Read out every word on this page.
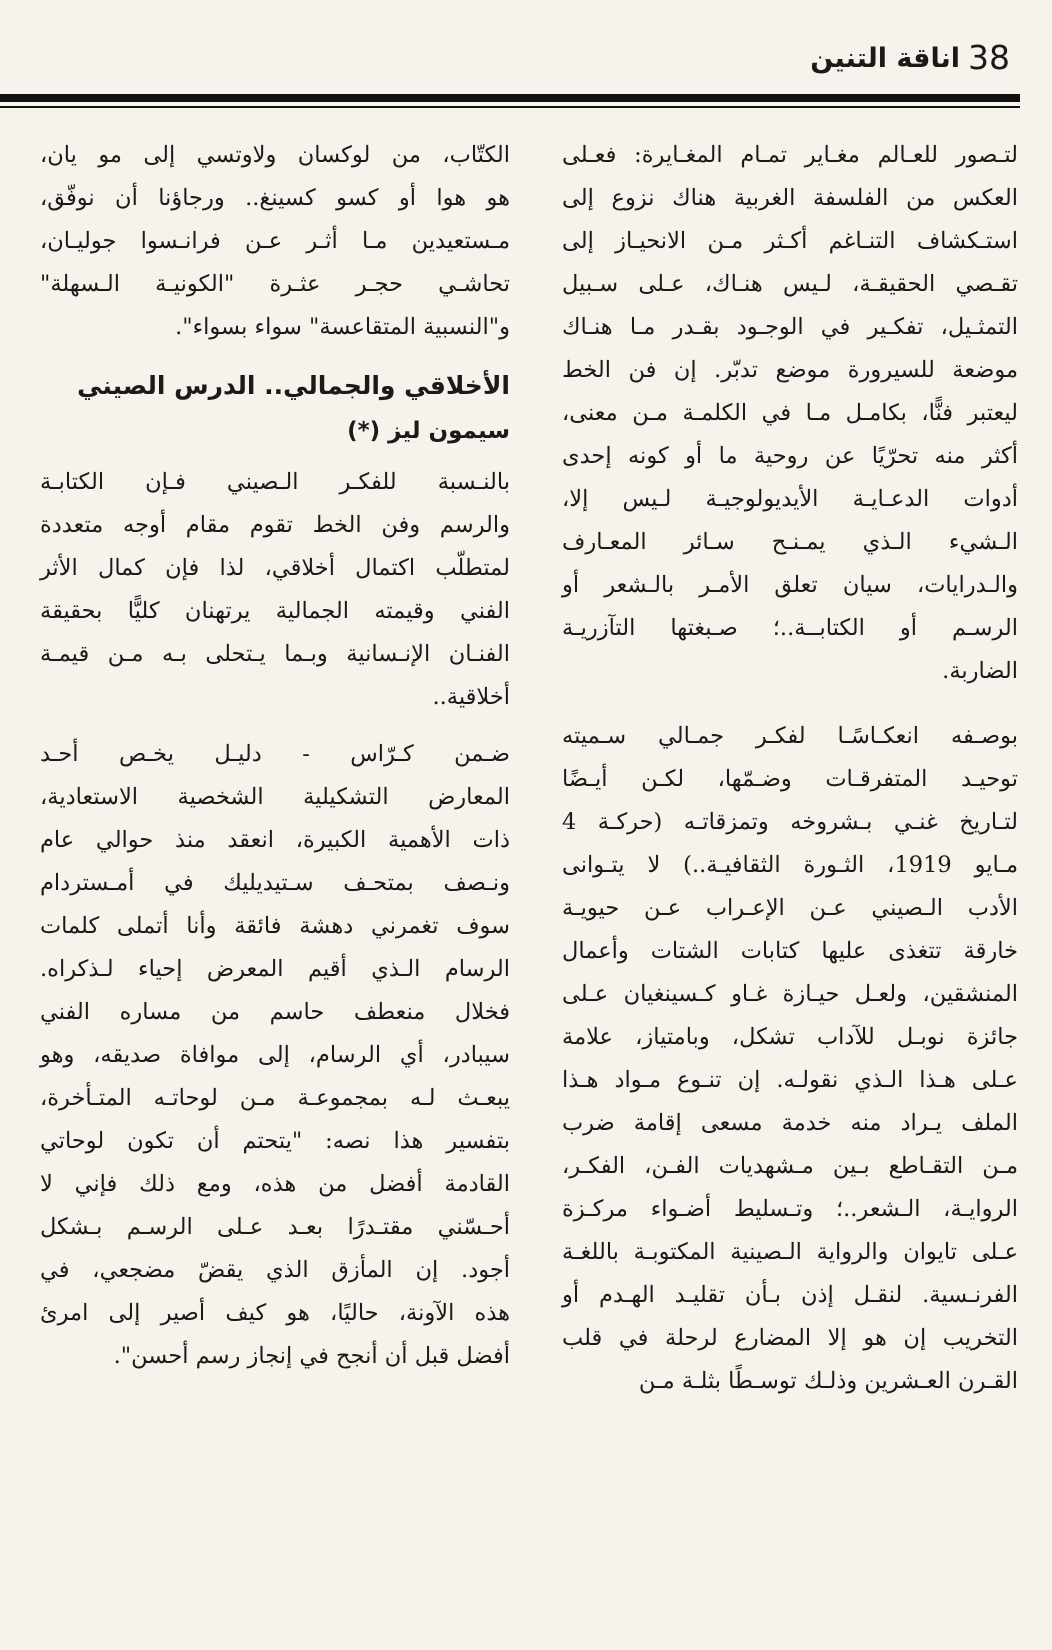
38
اناقة التنين
لتـصور للعـالم مغـاير تمـام المغـايرة: فعـلى
العكس من الفلسفة الغربية هناك نزوع إلى
استـكشاف التنـاغم أكـثر مـن الانحيـاز إلى
تقـصي الحقيقـة، لـيس هنـاك، عـلى سـبيل
التمثـيل، تفكـير في الوجـود بقـدر مـا هنـاك
موضعة للسيرورة موضع تدبّر. إن فن الخط
ليعتبر فنًّا، بكامـل مـا في الكلمـة مـن معنى،
أكثر منه تحرّيًا عن روحية ما أو كونه إحدى
أدوات الدعـايـة الأيديولوجيـة لـيس إلا،
الـشيء الـذي يمـنـح سـائر المعـارف
والـدرايات، سيان تعلق الأمـر بالـشعر أو
الرسـم أو الكتابــة..؛ صـبغتها التآزريـة
الضاربة.
بوصـفه انعكـاسًـا لفكـر جمـالي سـميته
توحيـد المتفرقـات وضـمّها، لكـن أيـضًا
لتـاريخ غنـي بـشروخه وتمزقاتـه (حركـة 4
مـايو 1919، الثـورة الثقافيـة..) لا يتـوانى
الأدب الـصيني عـن الإعـراب عـن حيويـة
خارقة تتغذى عليها كتابات الشتات وأعمال
المنشقين، ولعـل حيـازة غـاو كـسينغيان عـلى
جائزة نوبـل للآداب تشكل، وبامتياز، علامة
عـلى هـذا الـذي نقولـه. إن تنـوع مـواد هـذا
الملف يـراد منه خدمة مسعى إقامة ضرب
مـن التقـاطع بـين مـشهديات الفـن، الفكـر،
الروايـة، الـشعر..؛ وتـسليط أضـواء مركـزة
عـلى تايوان والرواية الـصينية المكتوبـة باللغـة
الفرنـسية. لنقـل إذن بـأن تقليـد الهـدم أو
التخريب إن هو إلا المضارع لرحلة في قلب
القـرن العـشرين وذلـك توسـطًا بثلـة مـن
الكتّاب، من لوكسان ولاوتسي إلى مو يان،
هو هوا أو كسو كسينغ.. ورجاؤنا أن نوفّق،
مـستعيدين مـا أثـر عـن فرانـسوا جوليـان،
تحاشـي حجـر عثـرة "الكونيـة الـسهلة"
و"النسبية المتقاعسة" سواء بسواء".
الأخلاقي والجمالي.. الدرس الصيني
سيمون ليز (*)
بالنـسبة للفكـر الـصيني فـإن الكتابـة
والرسم وفن الخط تقوم مقام أوجه متعددة
لمتطلّب اكتمال أخلاقي، لذا فإن كمال الأثر
الفني وقيمته الجمالية يرتهنان كليًّا بحقيقة
الفنـان الإنـسانية وبـما يـتحلى بـه مـن قيمـة
أخلاقية..
ضـمن كـرّاس - دليـل يخـص أحـد
المعارض التشكيلية الشخصية الاستعادية،
ذات الأهمية الكبيرة، انعقد منذ حوالي عام
ونـصف بمتحـف سـتيديليك في أمـستردام
سوف تغمرني دهشة فائقة وأنا أتملى كلمات
الرسام الـذي أقيم المعرض إحياء لـذكراه.
فخلال منعطف حاسم من مساره الفني
سيبادر، أي الرسام، إلى موافاة صديقه، وهو
يبعـث لـه بمجموعـة مـن لوحاتـه المتـأخرة،
بتفسير هذا نصه: "يتحتم أن تكون لوحاتي
القادمة أفضل من هذه، ومع ذلك فإني لا
أحـسّني مقتـدرًا بعـد عـلى الرسـم بـشكل
أجود. إن المأزق الذي يقضّ مضجعي، في
هذه الآونة، حاليًا، هو كيف أصير إلى امرئ
أفضل قبل أن أنجح في إنجاز رسم أحسن".
